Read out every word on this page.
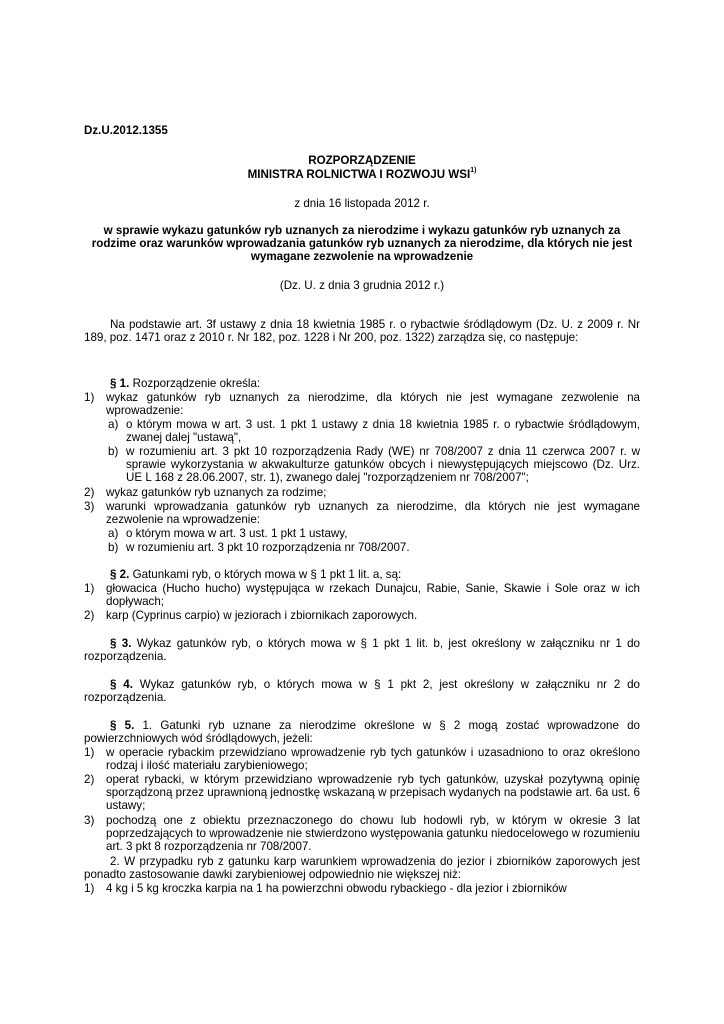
Dz.U.2012.1355
ROZPORZĄDZENIE
MINISTRA ROLNICTWA I ROZWOJU WSI$^{1)}$
z dnia 16 listopada 2012 r.
w sprawie wykazu gatunków ryb uznanych za nierodzime i wykazu gatunków ryb uznanych za rodzime oraz warunków wprowadzania gatunków ryb uznanych za nierodzime, dla których nie jest wymagane zezwolenie na wprowadzenie
(Dz. U. z dnia 3 grudnia 2012 r.)
Na podstawie art. 3f ustawy z dnia 18 kwietnia 1985 r. o rybactwie śródlądowym (Dz. U. z 2009 r. Nr 189, poz. 1471 oraz z 2010 r. Nr 182, poz. 1228 i Nr 200, poz. 1322) zarządza się, co następuje:
§ 1. Rozporządzenie określa:
1) wykaz gatunków ryb uznanych za nierodzime, dla których nie jest wymagane zezwolenie na wprowadzenie:
a) o którym mowa w art. 3 ust. 1 pkt 1 ustawy z dnia 18 kwietnia 1985 r. o rybactwie śródlądowym, zwanej dalej "ustawą",
b) w rozumieniu art. 3 pkt 10 rozporządzenia Rady (WE) nr 708/2007 z dnia 11 czerwca 2007 r. w sprawie wykorzystania w akwakulturze gatunków obcych i niewystępujących miejscowo (Dz. Urz. UE L 168 z 28.06.2007, str. 1), zwanego dalej "rozporządzeniem nr 708/2007";
2) wykaz gatunków ryb uznanych za rodzime;
3) warunki wprowadzania gatunków ryb uznanych za nierodzime, dla których nie jest wymagane zezwolenie na wprowadzenie:
a) o którym mowa w art. 3 ust. 1 pkt 1 ustawy,
b) w rozumieniu art. 3 pkt 10 rozporządzenia nr 708/2007.
§ 2. Gatunkami ryb, o których mowa w § 1 pkt 1 lit. a, są:
1) głowacica (Hucho hucho) występująca w rzekach Dunajcu, Rabie, Sanie, Skawie i Sole oraz w ich dopływach;
2) karp (Cyprinus carpio) w jeziorach i zbiornikach zaporowych.
§ 3. Wykaz gatunków ryb, o których mowa w § 1 pkt 1 lit. b, jest określony w załączniku nr 1 do rozporządzenia.
§ 4. Wykaz gatunków ryb, o których mowa w § 1 pkt 2, jest określony w załączniku nr 2 do rozporządzenia.
§ 5. 1. Gatunki ryb uznane za nierodzime określone w § 2 mogą zostać wprowadzone do powierzchniowych wód śródlądowych, jeżeli:
1) w operacie rybackim przewidziano wprowadzenie ryb tych gatunków i uzasadniono to oraz określono rodzaj i ilość materiału zarybieniowego;
2) operat rybacki, w którym przewidziano wprowadzenie ryb tych gatunków, uzyskał pozytywną opinię sporządzoną przez uprawnioną jednostkę wskazaną w przepisach wydanych na podstawie art. 6a ust. 6 ustawy;
3) pochodzą one z obiektu przeznaczonego do chowu lub hodowli ryb, w którym w okresie 3 lat poprzedzających to wprowadzenie nie stwierdzono występowania gatunku niedocelowego w rozumieniu art. 3 pkt 8 rozporządzenia nr 708/2007.
2. W przypadku ryb z gatunku karp warunkiem wprowadzenia do jezior i zbiorników zaporowych jest ponadto zastosowanie dawki zarybieniowej odpowiednio nie większej niż:
1) 4 kg i 5 kg kroczka karpia na 1 ha powierzchni obwodu rybackiego - dla jezior i zbiorników
